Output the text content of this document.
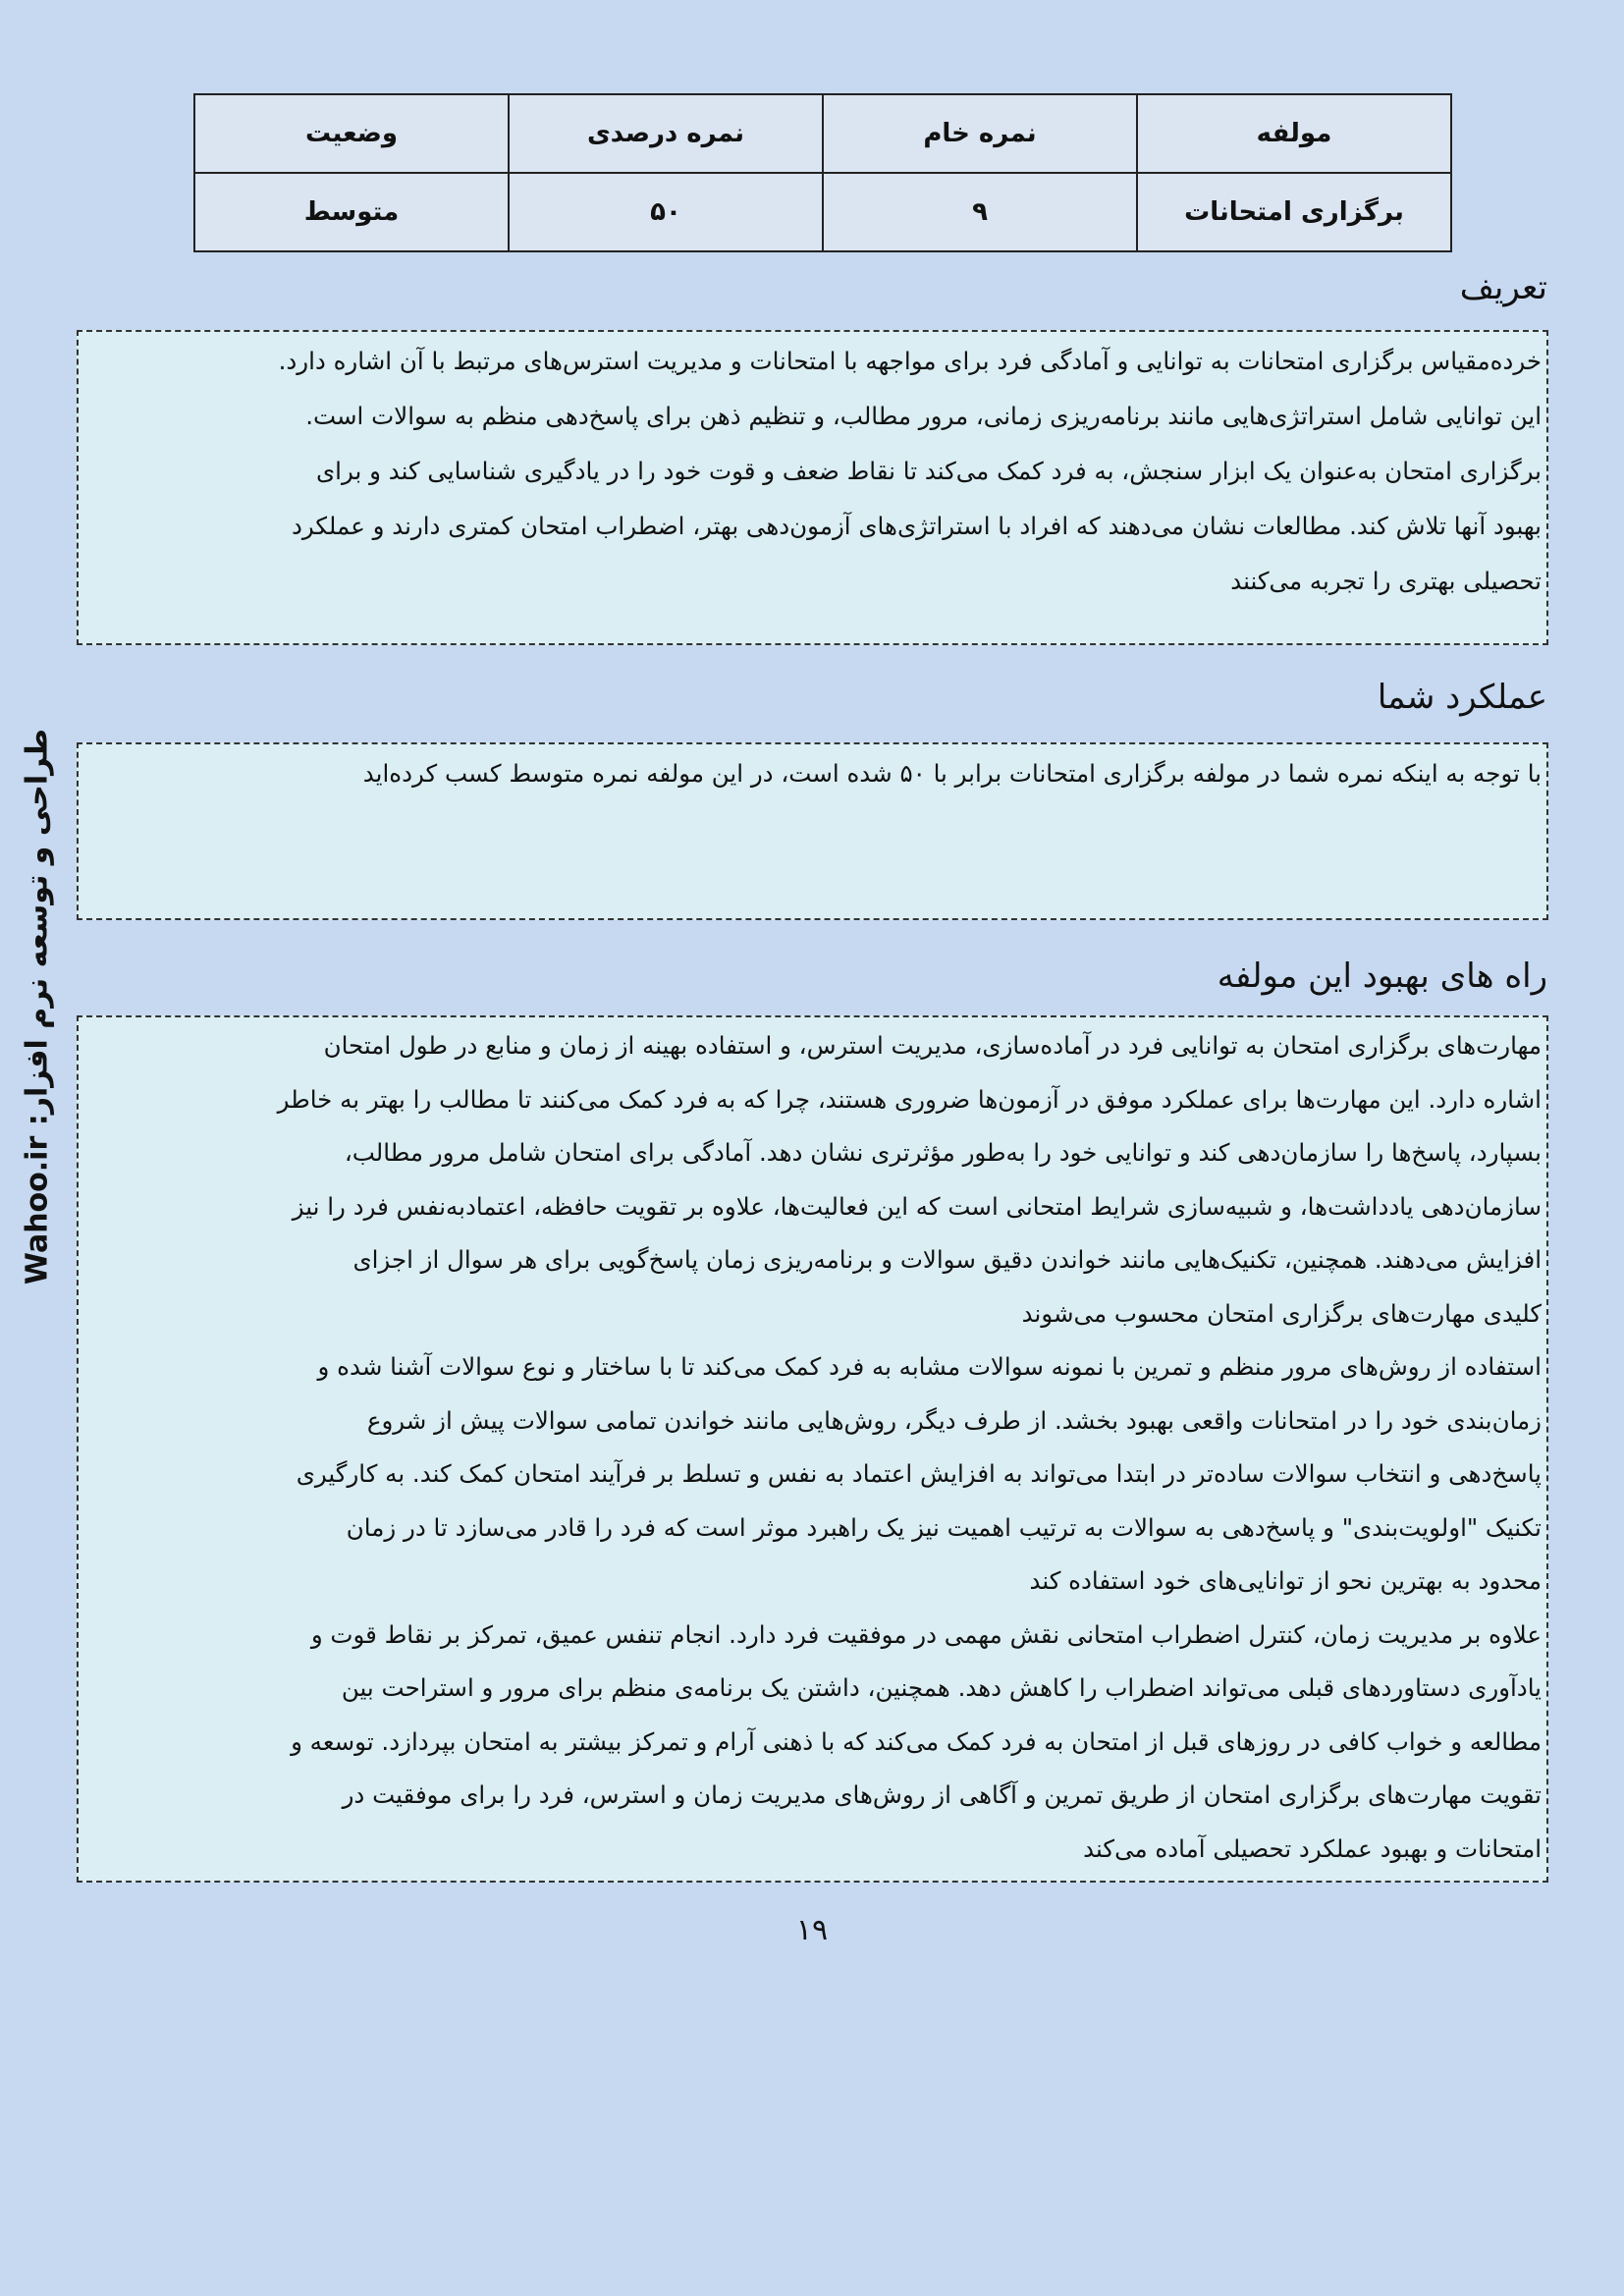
مولفه	نمره خام	نمره درصدی	وضعیت
برگزاری امتحانات	۹	۵۰	متوسط
تعریف

خرده‌مقیاس برگزاری امتحانات به توانایی و آمادگی فرد برای مواجهه با امتحانات و مدیریت استرس‌های مرتبط با آن اشاره دارد.

این توانایی شامل استراتژی‌هایی مانند برنامه‌ریزی زمانی، مرور مطالب، و تنظیم ذهن برای پاسخ‌دهی منظم به سوالات است.

برگزاری امتحان به‌عنوان یک ابزار سنجش، به فرد کمک می‌کند تا نقاط ضعف و قوت خود را در یادگیری شناسایی کند و برای

بهبود آنها تلاش کند. مطالعات نشان می‌دهند که افراد با استراتژی‌های آزمون‌دهی بهتر، اضطراب امتحان کمتری دارند و عملکرد

تحصیلی بهتری را تجربه می‌کنند

عملکرد شما

با توجه به اینکه نمره شما در مولفه برگزاری امتحانات برابر با ۵۰ شده است، در این مولفه نمره متوسط کسب کرده‌اید

راه های بهبود این مولفه

مهارت‌های برگزاری امتحان به توانایی فرد در آماده‌سازی، مدیریت استرس، و استفاده بهینه از زمان و منابع در طول امتحان

اشاره دارد. این مهارت‌ها برای عملکرد موفق در آزمون‌ها ضروری هستند، چرا که به فرد کمک می‌کنند تا مطالب را بهتر به خاطر

بسپارد، پاسخ‌ها را سازمان‌دهی کند و توانایی خود را به‌طور مؤثرتری نشان دهد. آمادگی برای امتحان شامل مرور مطالب،

سازمان‌دهی یادداشت‌ها، و شبیه‌سازی شرایط امتحانی است که این فعالیت‌ها، علاوه بر تقویت حافظه، اعتمادبه‌نفس فرد را نیز

افزایش می‌دهند. همچنین، تکنیک‌هایی مانند خواندن دقیق سوالات و برنامه‌ریزی زمان پاسخ‌گویی برای هر سوال از اجزای

کلیدی مهارت‌های برگزاری امتحان محسوب می‌شوند

استفاده از روش‌های مرور منظم و تمرین با نمونه سوالات مشابه به فرد کمک می‌کند تا با ساختار و نوع سوالات آشنا شده و

زمان‌بندی خود را در امتحانات واقعی بهبود بخشد. از طرف دیگر، روش‌هایی مانند خواندن تمامی سوالات پیش از شروع

پاسخ‌دهی و انتخاب سوالات ساده‌تر در ابتدا می‌تواند به افزایش اعتماد به نفس و تسلط بر فرآیند امتحان کمک کند. به کارگیری

تکنیک "اولویت‌بندی" و پاسخ‌دهی به سوالات به ترتیب اهمیت نیز یک راهبرد موثر است که فرد را قادر می‌سازد تا در زمان

محدود به بهترین نحو از توانایی‌های خود استفاده کند

علاوه بر مدیریت زمان، کنترل اضطراب امتحانی نقش مهمی در موفقیت فرد دارد. انجام تنفس عمیق، تمرکز بر نقاط قوت و

یادآوری دستاوردهای قبلی می‌تواند اضطراب را کاهش دهد. همچنین، داشتن یک برنامه‌ی منظم برای مرور و استراحت بین

مطالعه و خواب کافی در روزهای قبل از امتحان به فرد کمک می‌کند که با ذهنی آرام و تمرکز بیشتر به امتحان بپردازد. توسعه و

تقویت مهارت‌های برگزاری امتحان از طریق تمرین و آگاهی از روش‌های مدیریت زمان و استرس، فرد را برای موفقیت در

امتحانات و بهبود عملکرد تحصیلی آماده می‌کند

۱۹
طراحی و توسعه نرم افزار: Wahoo.ir
